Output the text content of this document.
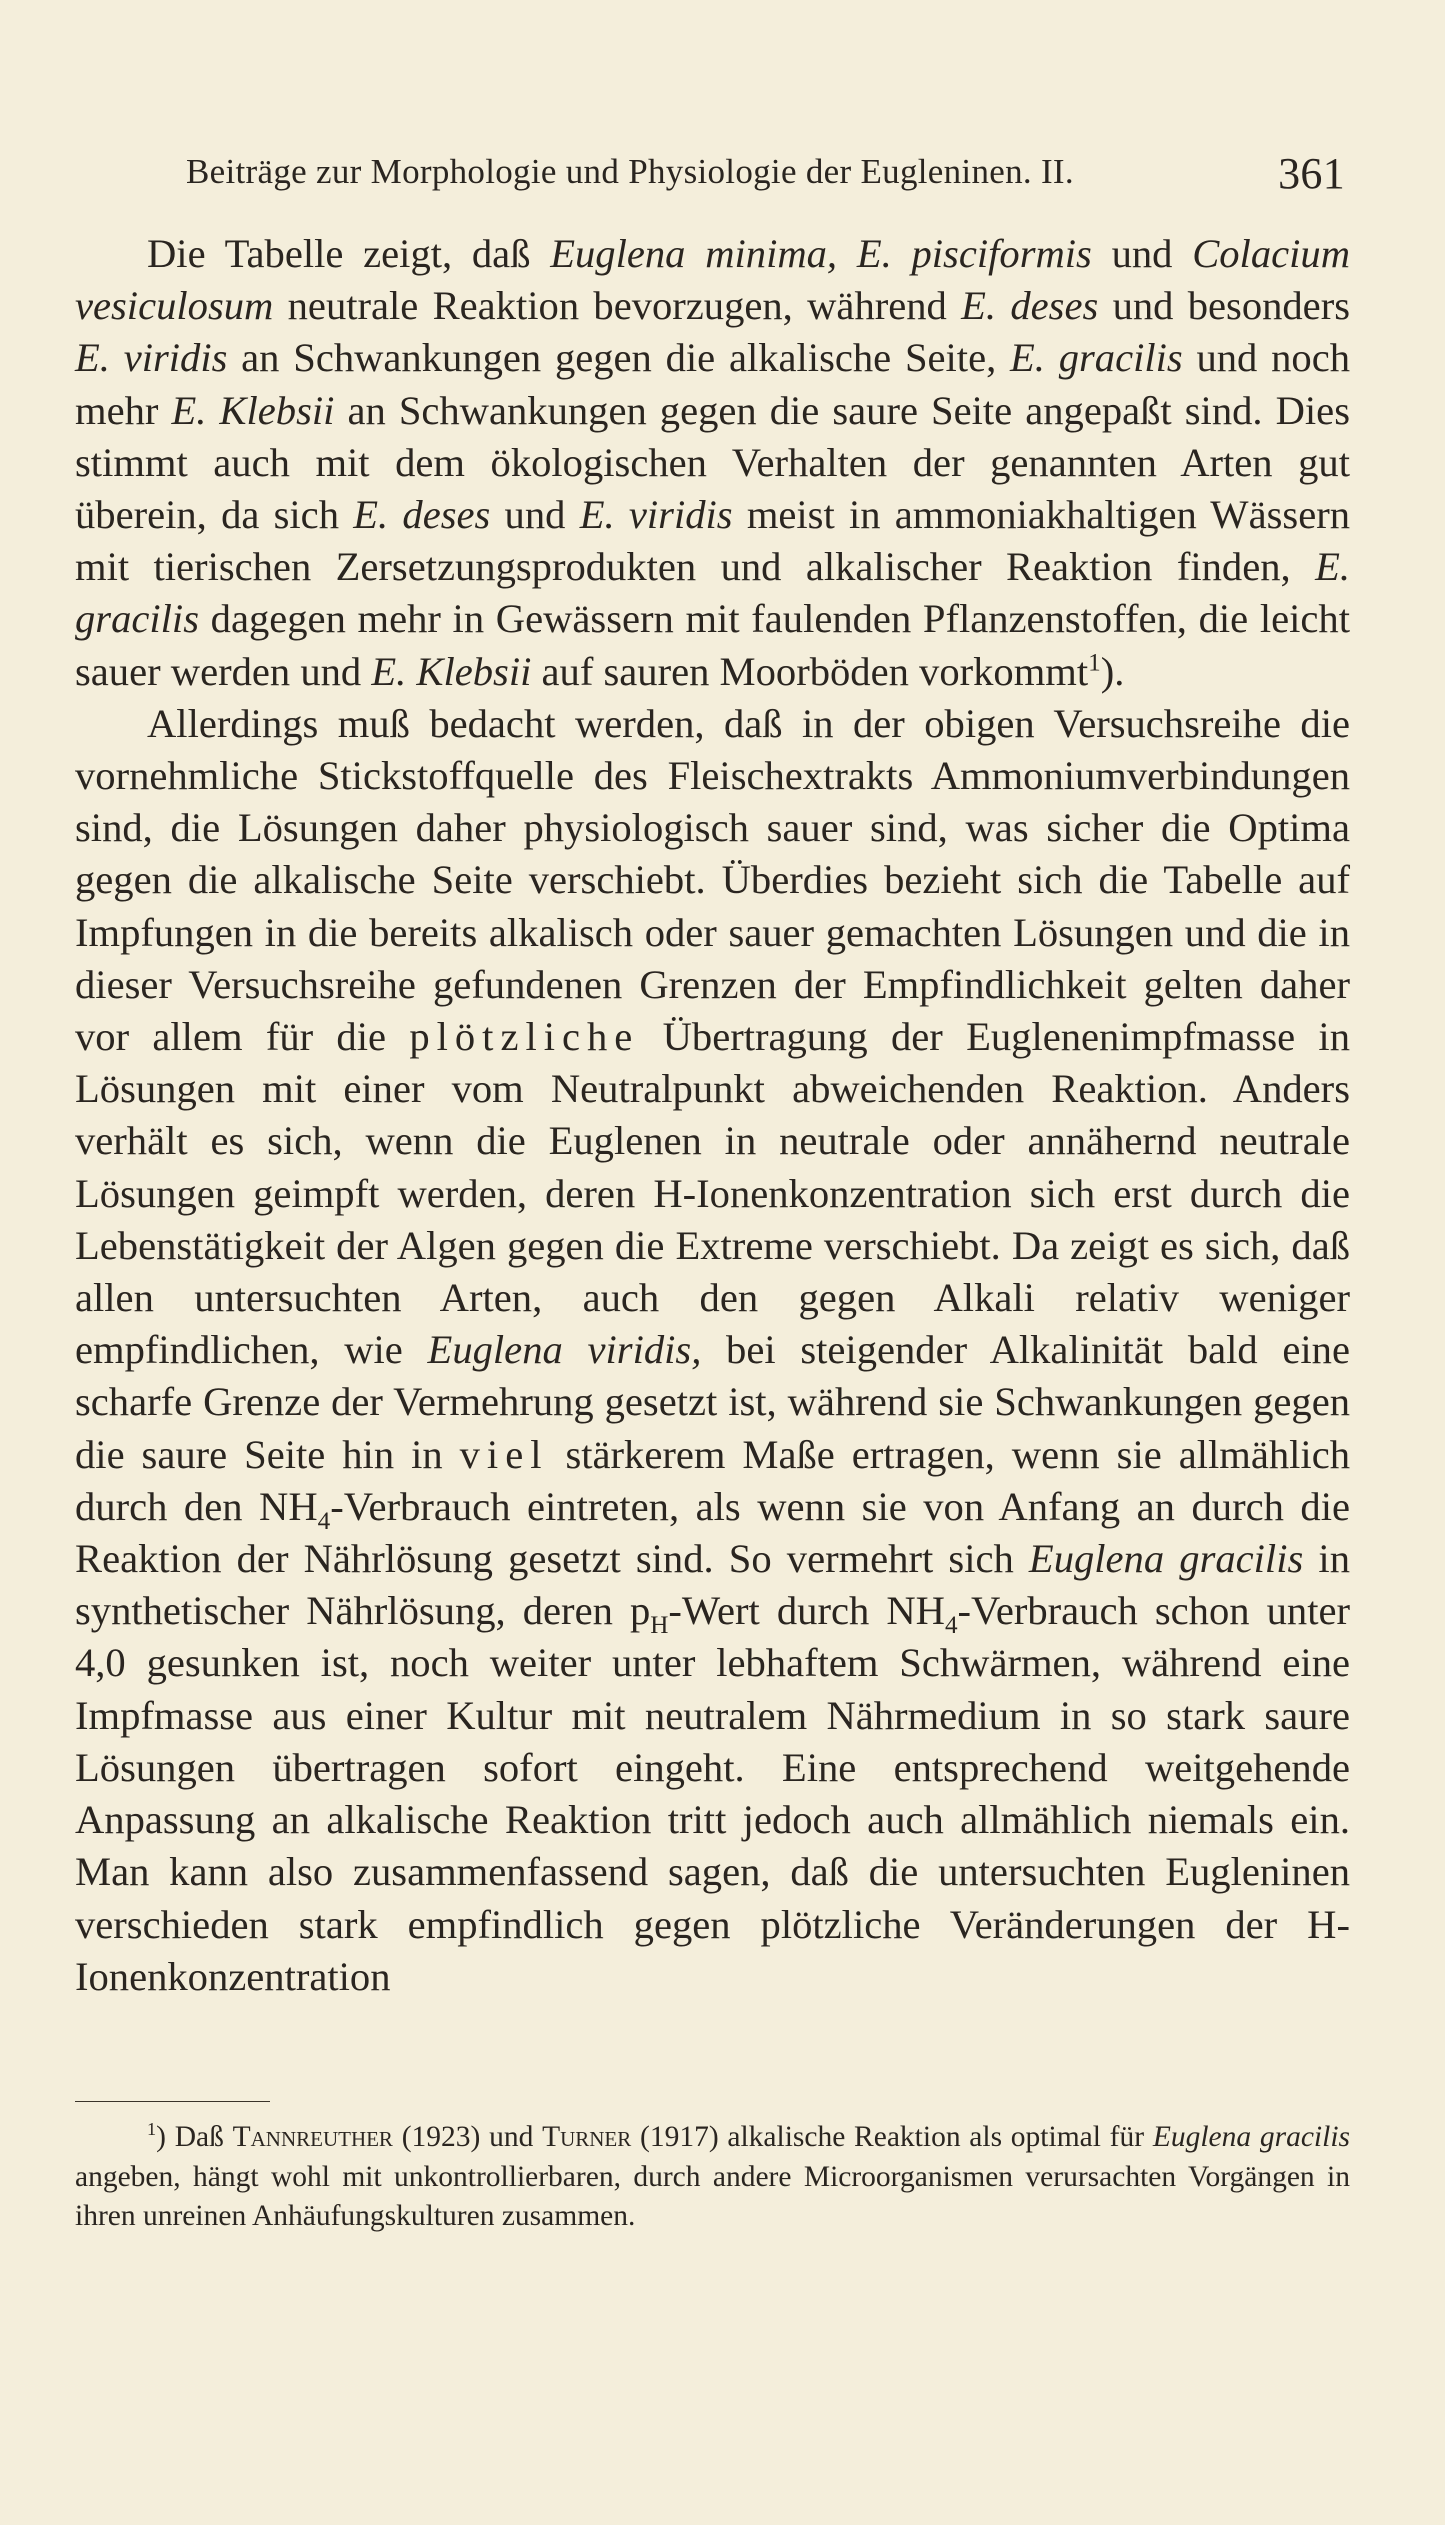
Beiträge zur Morphologie und Physiologie der Eugleninen. II.	361

Die Tabelle zeigt, daß Euglena minima, E. pisciformis und Colacium vesiculosum neutrale Reaktion bevorzugen, während E. deses und besonders E. viridis an Schwankungen gegen die alkalische Seite, E. gracilis und noch mehr E. Klebsii an Schwankungen gegen die saure Seite angepaßt sind. Dies stimmt auch mit dem ökologischen Verhalten der genannten Arten gut überein, da sich E. deses und E. viridis meist in ammoniakhaltigen Wässern mit tierischen Zersetzungsprodukten und alkalischer Reaktion finden, E. gracilis dagegen mehr in Gewässern mit faulenden Pflanzenstoffen, die leicht sauer werden und E. Klebsii auf sauren Moorböden vorkommt$^1$).

Allerdings muß bedacht werden, daß in der obigen Versuchsreihe die vornehmliche Stickstoffquelle des Fleischextrakts Ammoniumverbindungen sind, die Lösungen daher physiologisch sauer sind, was sicher die Optima gegen die alkalische Seite verschiebt. Überdies bezieht sich die Tabelle auf Impfungen in die bereits alkalisch oder sauer gemachten Lösungen und die in dieser Versuchsreihe gefundenen Grenzen der Empfindlichkeit gelten daher vor allem für die plötzliche Übertragung der Euglenenimpfmasse in Lösungen mit einer vom Neutralpunkt abweichenden Reaktion. Anders verhält es sich, wenn die Euglenen in neutrale oder annähernd neutrale Lösungen geimpft werden, deren H-Ionenkonzentration sich erst durch die Lebenstätigkeit der Algen gegen die Extreme verschiebt. Da zeigt es sich, daß allen untersuchten Arten, auch den gegen Alkali relativ weniger empfindlichen, wie Euglena viridis, bei steigender Alkalinität bald eine scharfe Grenze der Vermehrung gesetzt ist, während sie Schwankungen gegen die saure Seite hin in viel stärkerem Maße ertragen, wenn sie allmählich durch den $NH_4$-Verbrauch eintreten, als wenn sie von Anfang an durch die Reaktion der Nährlösung gesetzt sind. So vermehrt sich Euglena gracilis in synthetischer Nährlösung, deren $p_H$-Wert durch $NH_4$-Verbrauch schon unter 4,0 gesunken ist, noch weiter unter lebhaftem Schwärmen, während eine Impfmasse aus einer Kultur mit neutralem Nährmedium in so stark saure Lösungen übertragen sofort eingeht. Eine entsprechend weitgehende Anpassung an alkalische Reaktion tritt jedoch auch allmählich niemals ein. Man kann also zusammenfassend sagen, daß die untersuchten Eugleninen verschieden stark empfindlich gegen plötzliche Veränderungen der H-Ionenkonzentration

$^1$) Daß Tannreuther (1923) und Turner (1917) alkalische Reaktion als optimal für Euglena gracilis angeben, hängt wohl mit unkontrollierbaren, durch andere Microorganismen verursachten Vorgängen in ihren unreinen Anhäufungskulturen zusammen.
